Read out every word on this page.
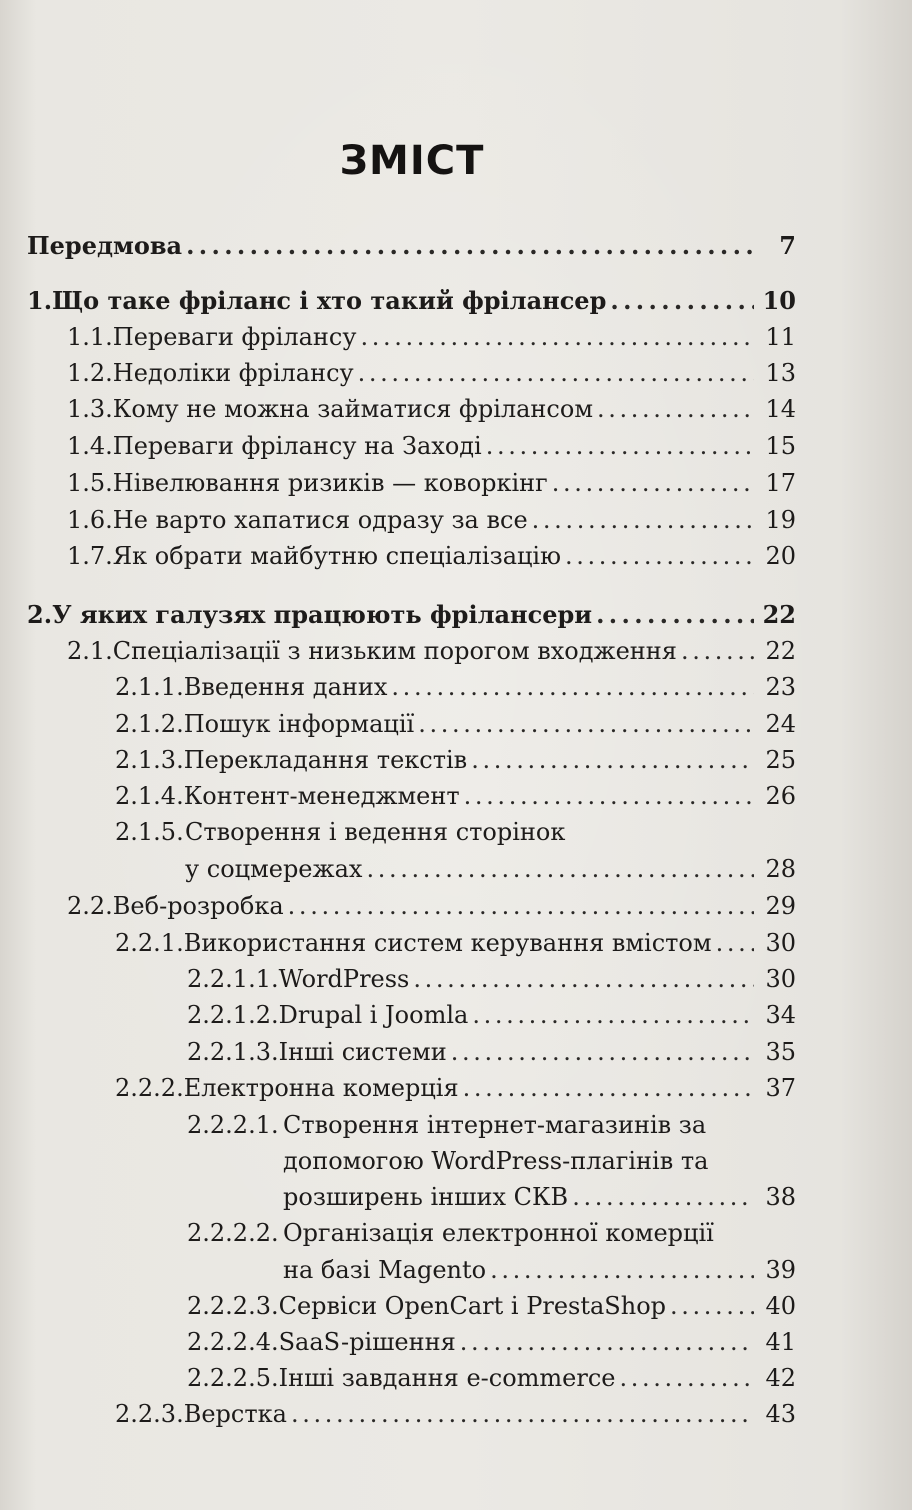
ЗМІСТ
Передмова . . .	7
1. Що таке фріланс і хто такий фрілансер . . .	10
1.1. Переваги фрілансу . . .	11
1.2. Недоліки фрілансу . . .	13
1.3. Кому не можна займатися фрілансом . . .	14
1.4. Переваги фрілансу на Заході . . .	15
1.5. Нівелювання ризиків — коворкінг . . .	17
1.6. Не варто хапатися одразу за все . . .	19
1.7. Як обрати майбутню спеціалізацію . . .	20
2. У яких галузях працюють фрілансери . . .	22
2.1. Спеціалізації з низьким порогом входження . . .	22
2.1.1. Введення даних . . .	23
2.1.2. Пошук інформації . . .	24
2.1.3. Перекладання текстів . . .	25
2.1.4. Контент-менеджмент . . .	26
2.1.5.Створення і ведення сторінок
у соцмережах . . .	28
2.2. Веб-розробка . . .	29
2.2.1. Використання систем керування вмістом . . . 30
2.2.1.1. WordPress . . .	30
2.2.1.2. Drupal і Joomla . . .	34
2.2.1.3. Інші системи . . .	35
2.2.2. Електронна комерція . . .	37
2.2.2.1. Створення інтернет-магазинів за
допомогою WordPress-плагінів та
розширень інших СКВ . . .	38
2.2.2.2. Організація електронної комерції
на базі Magento . . .	39
2.2.2.3. Сервіси OpenCart і PrestaShop . . .	40
2.2.2.4. SaaS-рішення . . .	41
2.2.2.5. Інші завдання e-commerce . . .	42
2.2.3. Верстка . . .	43
